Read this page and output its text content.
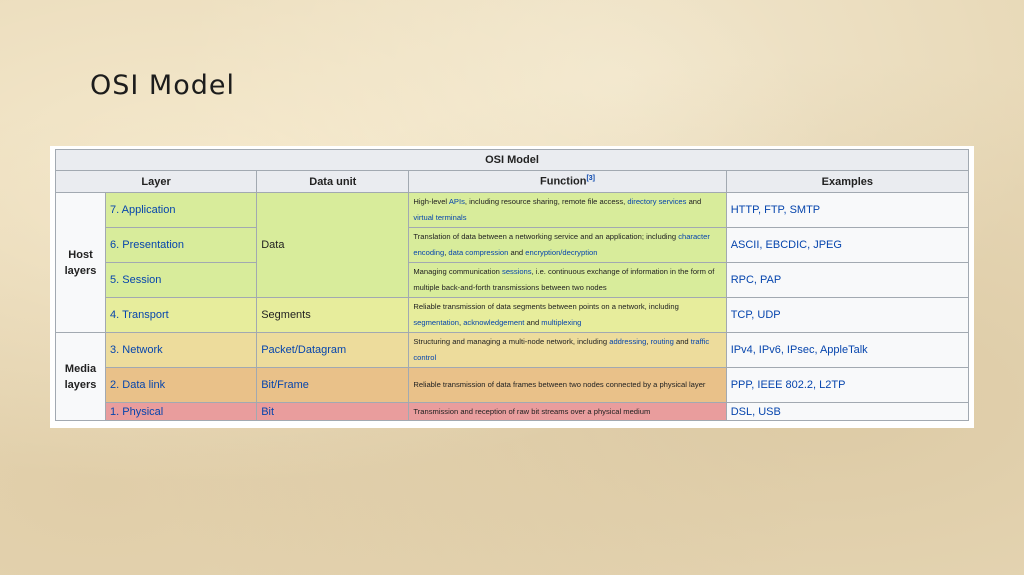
OSI Model
OSI Model				
Layer		Data unit	Function[3]	Examples
Host layers	7. Application	Data	High-level APIs, including resource sharing, remote file access, directory services and virtual terminals	HTTP, FTP, SMTP
	6. Presentation		Translation of data between a networking service and an application; including character encoding, data compression and encryption/decryption	ASCII, EBCDIC, JPEG
	5. Session		Managing communication sessions, i.e. continuous exchange of information in the form of multiple back-and-forth transmissions between two nodes	RPC, PAP
	4. Transport	Segments	Reliable transmission of data segments between points on a network, including segmentation, acknowledgement and multiplexing	TCP, UDP
Media layers	3. Network	Packet/Datagram	Structuring and managing a multi-node network, including addressing, routing and traffic control	IPv4, IPv6, IPsec, AppleTalk
	2. Data link	Bit/Frame	Reliable transmission of data frames between two nodes connected by a physical layer	PPP, IEEE 802.2, L2TP
	1. Physical	Bit	Transmission and reception of raw bit streams over a physical medium	DSL, USB
